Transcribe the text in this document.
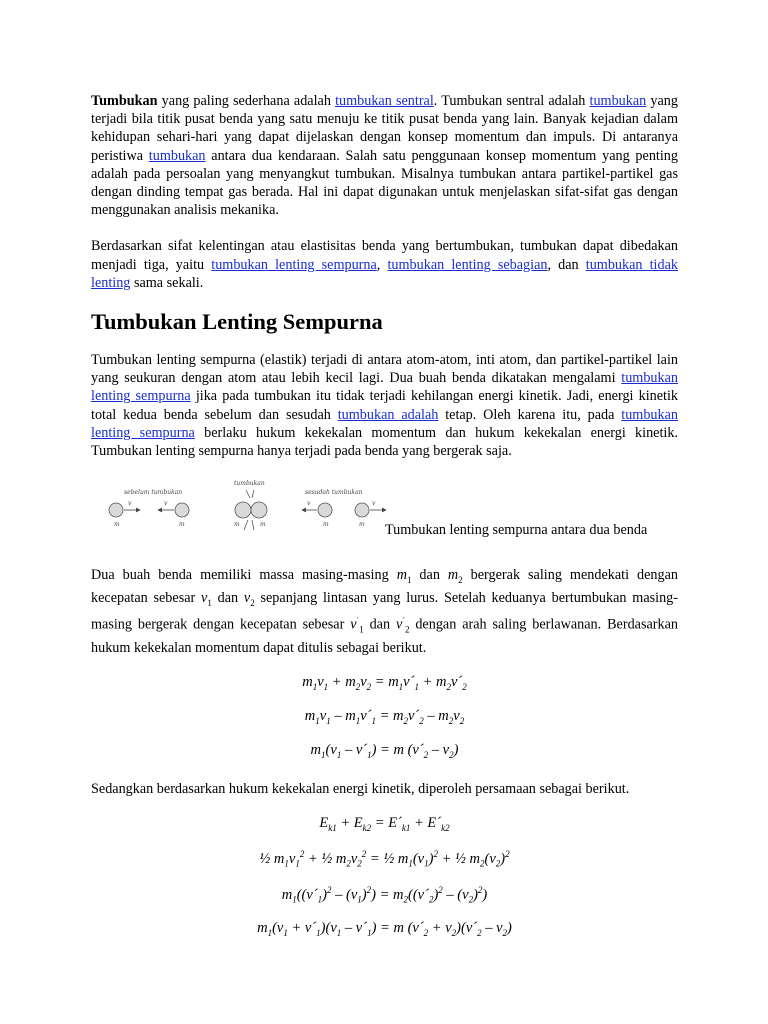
Tumbukan yang paling sederhana adalah tumbukan sentral. Tumbukan sentral adalah tumbukan yang terjadi bila titik pusat benda yang satu menuju ke titik pusat benda yang lain. Banyak kejadian dalam kehidupan sehari-hari yang dapat dijelaskan dengan konsep momentum dan impuls. Di antaranya peristiwa tumbukan antara dua kendaraan. Salah satu penggunaan konsep momentum yang penting adalah pada persoalan yang menyangkut tumbukan. Misalnya tumbukan antara partikel-partikel gas dengan dinding tempat gas berada. Hal ini dapat digunakan untuk menjelaskan sifat-sifat gas dengan menggunakan analisis mekanika.

Berdasarkan sifat kelentingan atau elastisitas benda yang bertumbukan, tumbukan dapat dibedakan menjadi tiga, yaitu tumbukan lenting sempurna, tumbukan lenting sebagian, dan tumbukan tidak lenting sama sekali.

Tumbukan Lenting Sempurna

Tumbukan lenting sempurna (elastik) terjadi di antara atom-atom, inti atom, dan partikel-partikel lain yang seukuran dengan atom atau lebih kecil lagi. Dua buah benda dikatakan mengalami tumbukan lenting sempurna jika pada tumbukan itu tidak terjadi kehilangan energi kinetik. Jadi, energi kinetik total kedua benda sebelum dan sesudah tumbukan adalah tetap. Oleh karena itu, pada tumbukan lenting sempurna berlaku hukum kekekalan momentum dan hukum kekekalan energi kinetik. Tumbukan lenting sempurna hanya terjadi pada benda yang bergerak saja.

Dua buah benda memiliki massa masing-masing $m_1$ dan $m_2$ bergerak saling mendekati dengan kecepatan sebesar $v_1$ dan $v_2$ sepanjang lintasan yang lurus. Setelah keduanya bertumbukan masing-masing bergerak dengan kecepatan sebesar $v^´_1$ dan $v^´_2$ dengan arah saling berlawanan. Berdasarkan hukum kekekalan momentum dapat ditulis sebagai berikut.

$m_1v_1 + m_2v_2$ = $m_1v´_1$ + $m_2v´_2$
$m_1v_1$ – $m_1v´_1$ = $m_2v´_2 - m_2v_2$
$m_1(v_1$ – $v´_1) = m$ $(v´_2 - v_2)$

Sedangkan berdasarkan hukum kekekalan energi kinetik, diperoleh persamaan sebagai berikut.

$E_{k1} + E_{k2}$ = $E´_{k1}$ + $E´_{k2}$
½ $m_1v_1^2$ + ½ $m_2v_2^2$ = ½ $m_1(v_1)^2$ + ½ $m_2(v_2)^2$
$m_1((v´_1)^2 - (v_1)^2)$ = $m_2((v´_2)^2 - (v_2)^2)$
$m_1(v_1$ + $v´_1)(v_1$ – $v´_1) = m$ ($v´_2$ + $v_2)(v´_2 - v_2)$
sebelum tumbukan
v
m
v
m
tumbukan
m	m
sesudah tumbukan
v
m
v
m Tumbukan lenting sempurna antara dua benda
